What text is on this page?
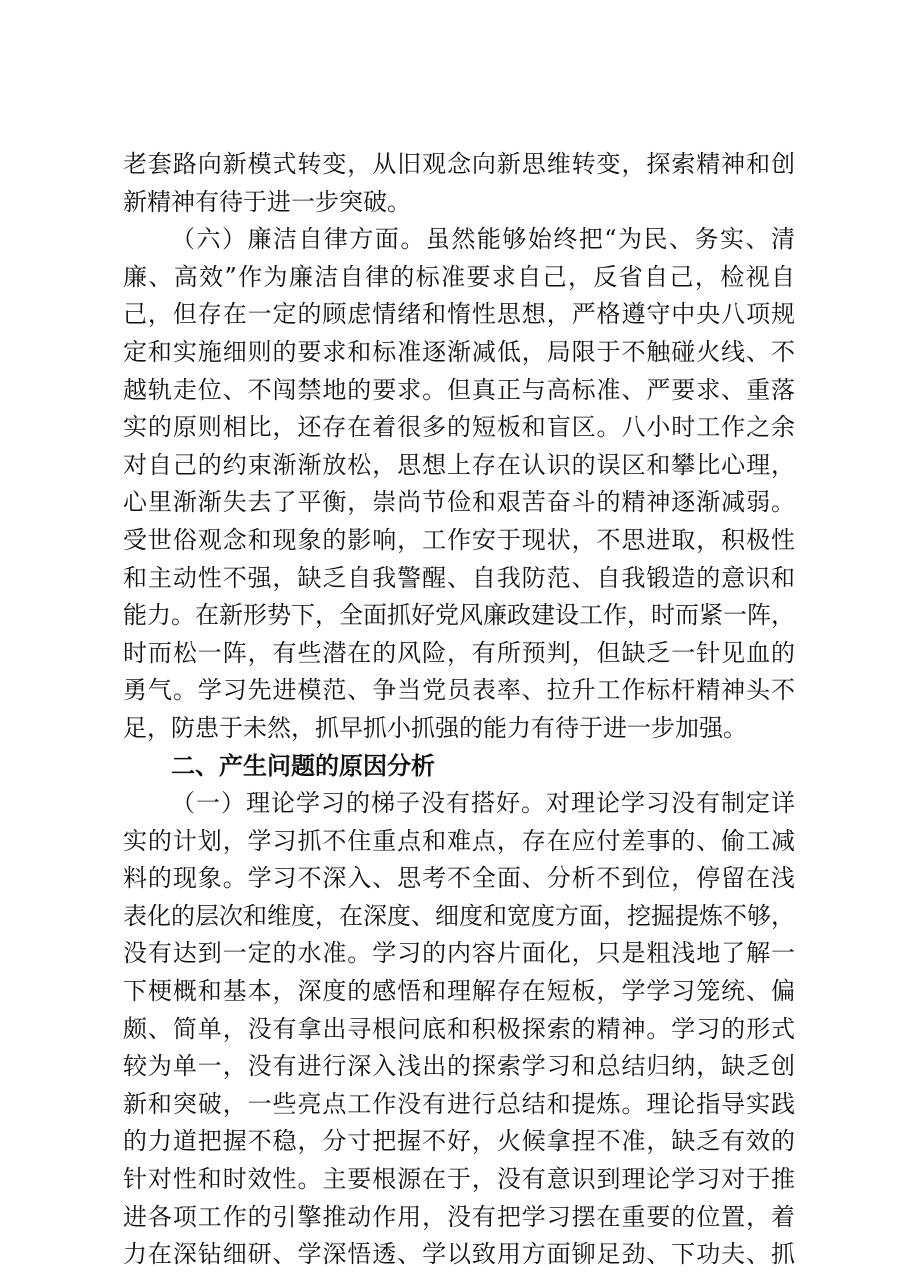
老套路向新模式转变，从旧观念向新思维转变，探索精神和创
新精神有待于进一步突破。
（六）廉洁自律方面。虽然能够始终把“为民、务实、清
廉、高效”作为廉洁自律的标准要求自己，反省自己，检视自
己，但存在一定的顾虑情绪和惰性思想，严格遵守中央八项规
定和实施细则的要求和标准逐渐减低，局限于不触碰火线、不
越轨走位、不闯禁地的要求。但真正与高标准、严要求、重落
实的原则相比，还存在着很多的短板和盲区。八小时工作之余
对自己的约束渐渐放松，思想上存在认识的误区和攀比心理，
心里渐渐失去了平衡，崇尚节俭和艰苦奋斗的精神逐渐减弱。
受世俗观念和现象的影响，工作安于现状，不思进取，积极性
和主动性不强，缺乏自我警醒、自我防范、自我锻造的意识和
能力。在新形势下，全面抓好党风廉政建设工作，时而紧一阵，
时而松一阵，有些潜在的风险，有所预判，但缺乏一针见血的
勇气。学习先进模范、争当党员表率、拉升工作标杆精神头不
足，防患于未然，抓早抓小抓强的能力有待于进一步加强。
二、产生问题的原因分析
（一）理论学习的梯子没有搭好。对理论学习没有制定详
实的计划，学习抓不住重点和难点，存在应付差事的、偷工减
料的现象。学习不深入、思考不全面、分析不到位，停留在浅
表化的层次和维度，在深度、细度和宽度方面，挖掘提炼不够，
没有达到一定的水准。学习的内容片面化，只是粗浅地了解一
下梗概和基本，深度的感悟和理解存在短板，学学习笼统、偏
颇、简单，没有拿出寻根问底和积极探索的精神。学习的形式
较为单一，没有进行深入浅出的探索学习和总结归纳，缺乏创
新和突破，一些亮点工作没有进行总结和提炼。理论指导实践
的力道把握不稳，分寸把握不好，火候拿捏不准，缺乏有效的
针对性和时效性。主要根源在于，没有意识到理论学习对于推
进各项工作的引擎推动作用，没有把学习摆在重要的位置，着
力在深钻细研、学深悟透、学以致用方面铆足劲、下功夫、抓
